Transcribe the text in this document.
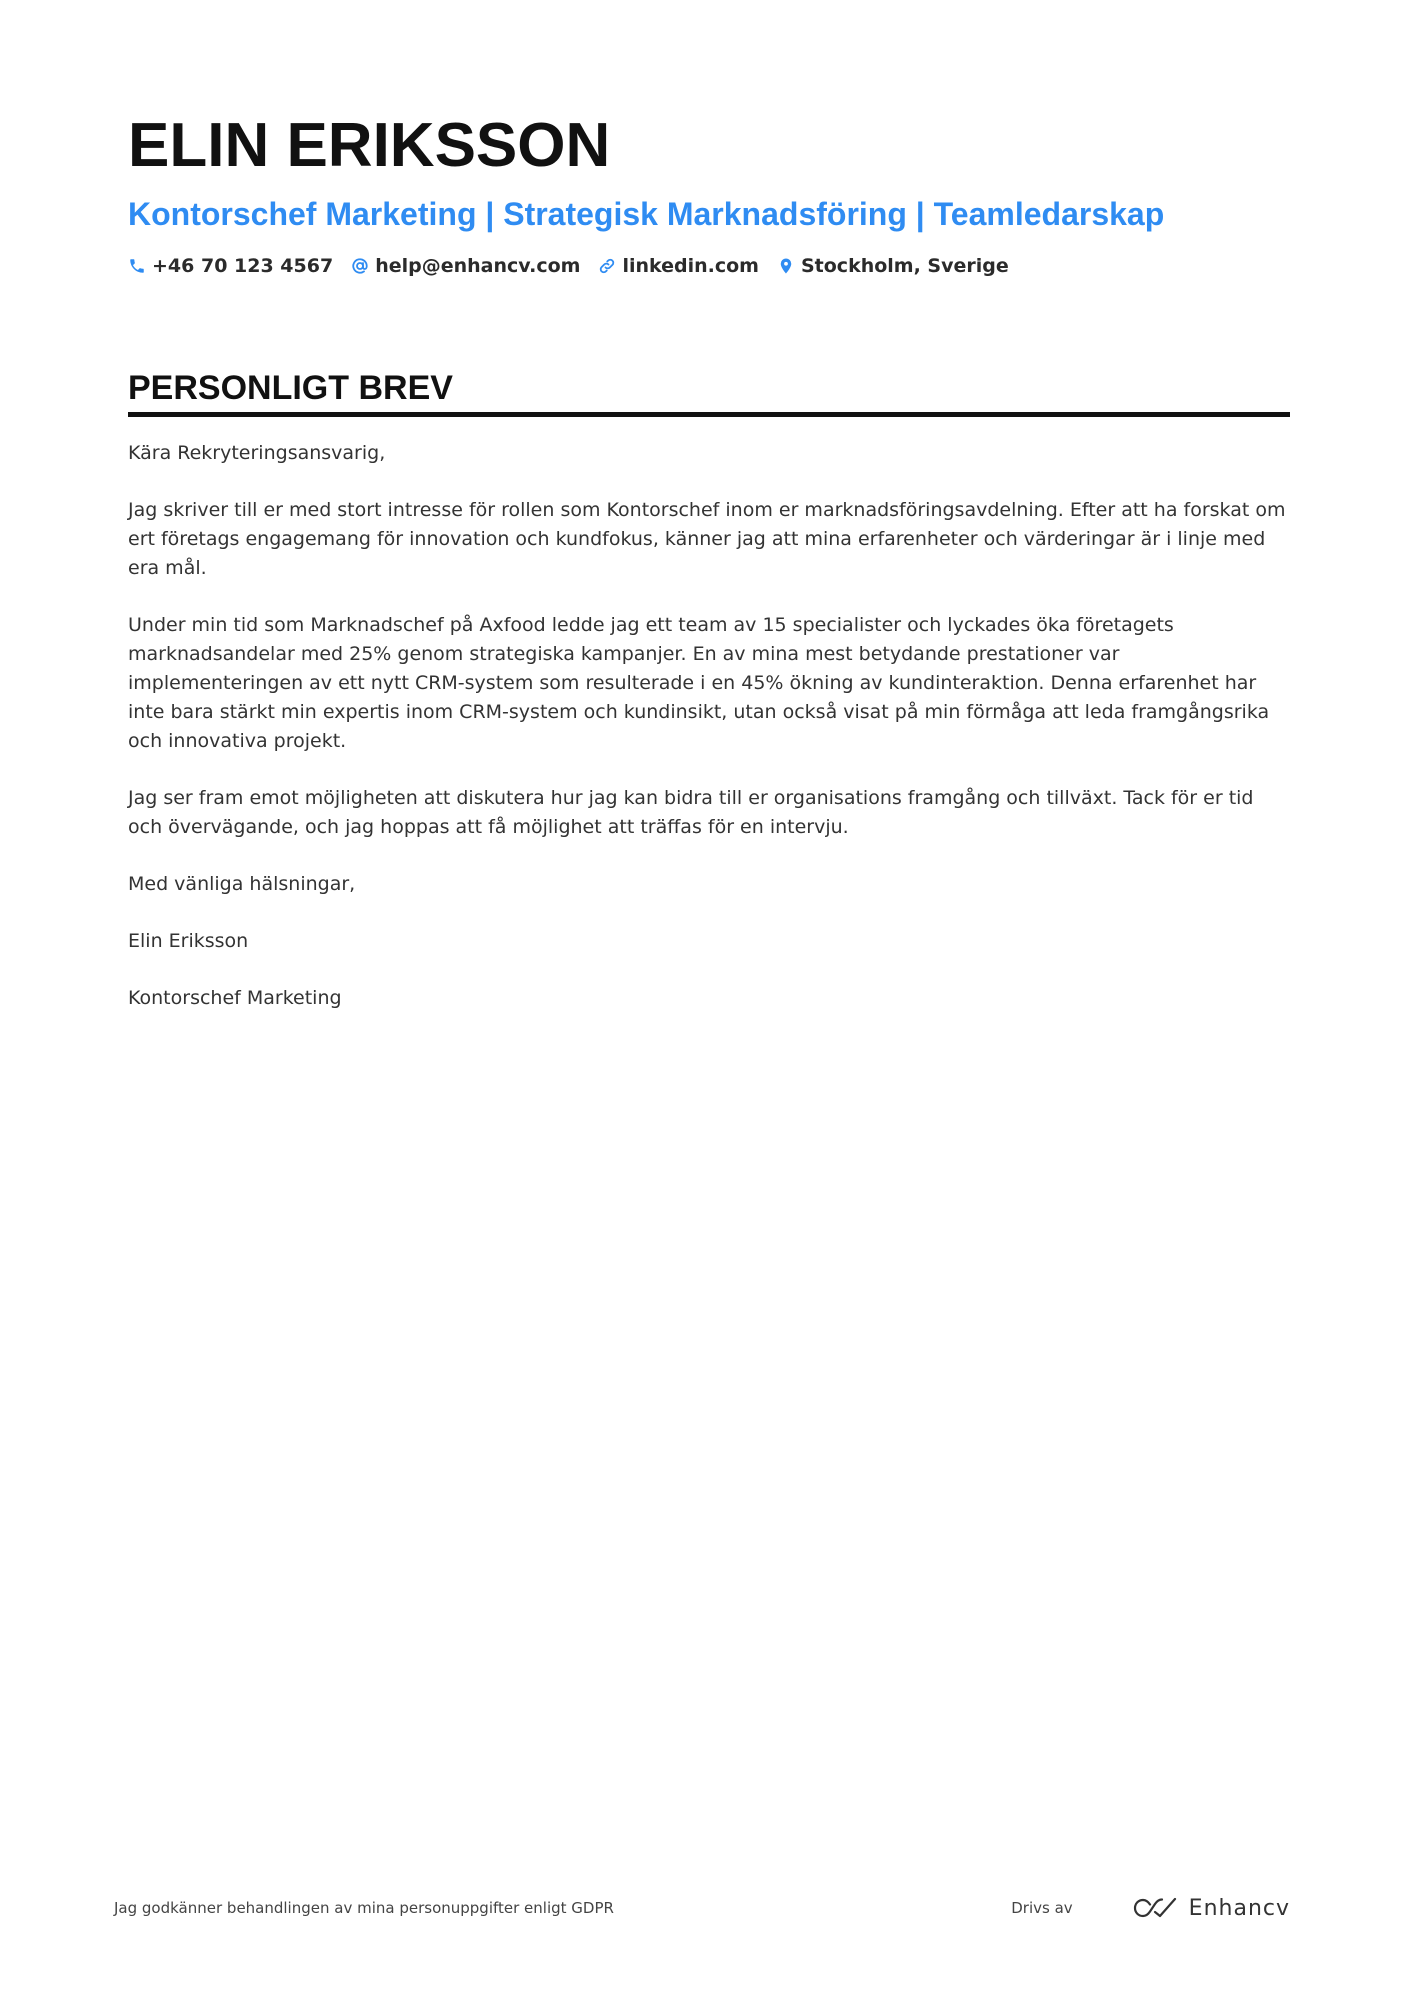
ELIN ERIKSSON
Kontorschef Marketing | Strategisk Marknadsföring | Teamledarskap
+46 70 123 4567 help@enhancv.com linkedin.com Stockholm, Sverige
PERSONLIGT BREV

Kära Rekryteringsansvarig,

Jag skriver till er med stort intresse för rollen som Kontorschef inom er marknadsföringsavdelning. Efter att ha forskat om ert företags engagemang för innovation och kundfokus, känner jag att mina erfarenheter och värderingar är i linje med era mål.

Under min tid som Marknadschef på Axfood ledde jag ett team av 15 specialister och lyckades öka företagets marknadsandelar med 25% genom strategiska kampanjer. En av mina mest betydande prestationer var implementeringen av ett nytt CRM-system som resulterade i en 45% ökning av kundinteraktion. Denna erfarenhet har inte bara stärkt min expertis inom CRM-system och kundinsikt, utan också visat på min förmåga att leda framgångsrika och innovativa projekt.

Jag ser fram emot möjligheten att diskutera hur jag kan bidra till er organisations framgång och tillväxt. Tack för er tid och övervägande, och jag hoppas att få möjlighet att träffas för en intervju.

Med vänliga hälsningar,

Elin Eriksson

Kontorschef Marketing

Jag godkänner behandlingen av mina personuppgifter enligt GDPR	Drivs av	Enhancv
